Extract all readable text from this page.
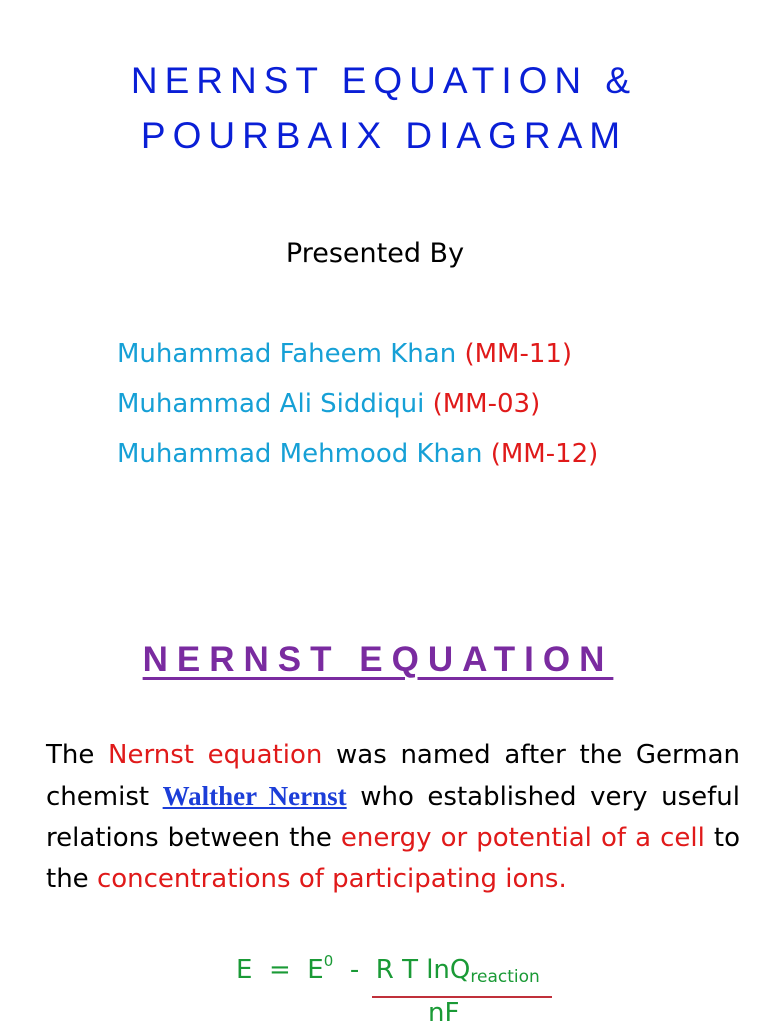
NERNST EQUATION &
POURBAIX DIAGRAM
Presented By
Muhammad Faheem Khan (MM-11)
Muhammad Ali Siddiqui (MM-03)
Muhammad Mehmood Khan (MM-12)
NERNST EQUATION
The Nernst equation was named after the German chemist Walther Nernst who established very useful relations between the energy or potential of a cell to the concentrations of participating ions.
$E = E^0 - R$ T lnQ$_{reaction}$
nF
